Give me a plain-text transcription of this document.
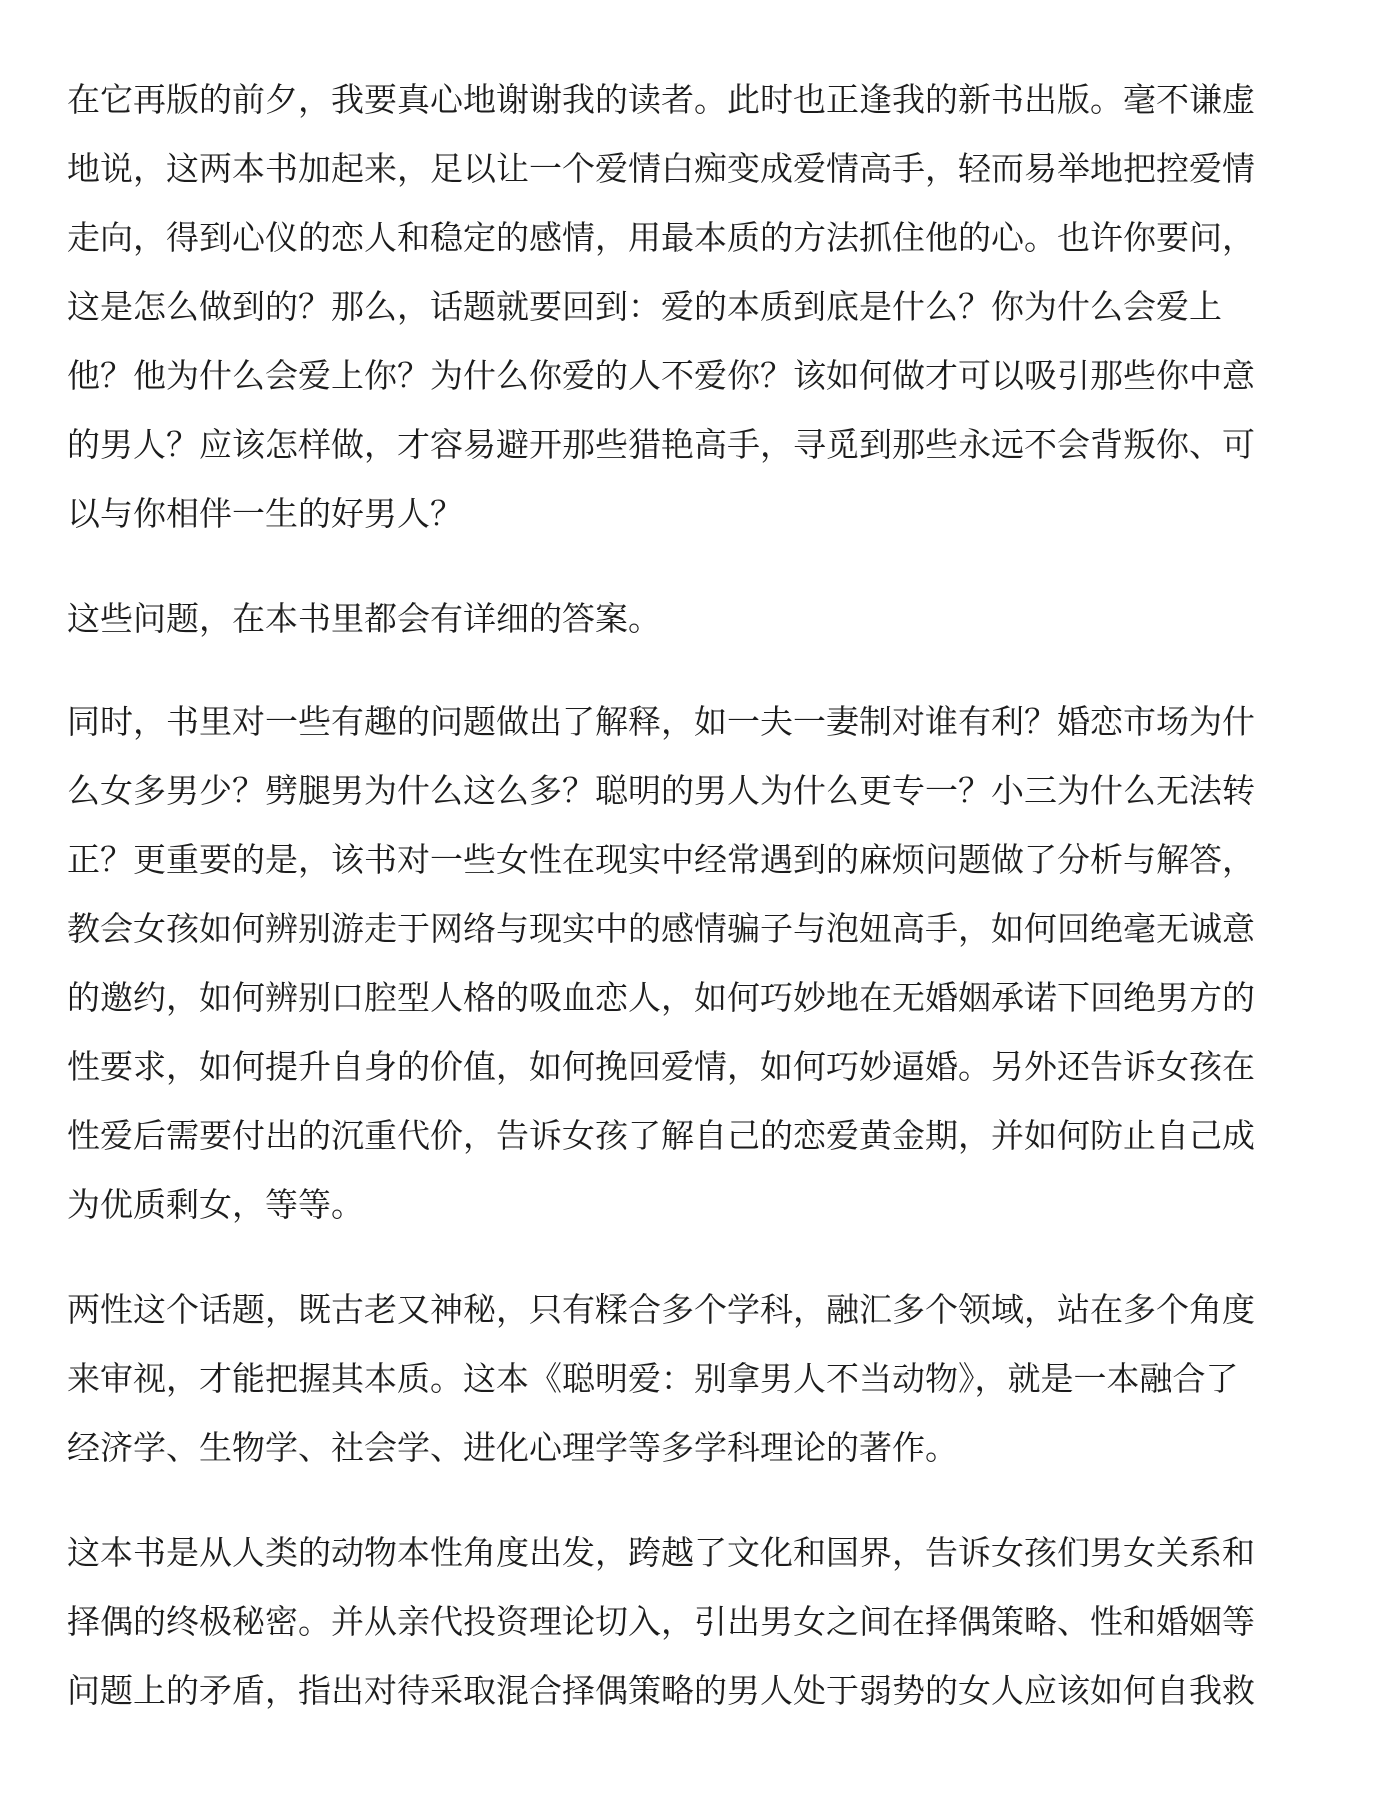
在它再版的前夕，我要真心地谢谢我的读者。此时也正逢我的新书出版。毫不谦虚

地说，这两本书加起来，足以让一个爱情白痴变成爱情高手，轻而易举地把控爱情

走向，得到心仪的恋人和稳定的感情，用最本质的方法抓住他的心。也许你要问，

这是怎么做到的？那么，话题就要回到：爱的本质到底是什么？你为什么会爱上

他？他为什么会爱上你？为什么你爱的人不爱你？该如何做才可以吸引那些你中意

的男人？应该怎样做，才容易避开那些猎艳高手，寻觅到那些永远不会背叛你、可

以与你相伴一生的好男人？

这些问题，在本书里都会有详细的答案。

同时，书里对一些有趣的问题做出了解释，如一夫一妻制对谁有利？婚恋市场为什

么女多男少？劈腿男为什么这么多？聪明的男人为什么更专一？小三为什么无法转

正？更重要的是，该书对一些女性在现实中经常遇到的麻烦问题做了分析与解答，

教会女孩如何辨别游走于网络与现实中的感情骗子与泡妞高手，如何回绝毫无诚意

的邀约，如何辨别口腔型人格的吸血恋人，如何巧妙地在无婚姻承诺下回绝男方的

性要求，如何提升自身的价值，如何挽回爱情，如何巧妙逼婚。另外还告诉女孩在

性爱后需要付出的沉重代价，告诉女孩了解自己的恋爱黄金期，并如何防止自己成

为优质剩女，等等。

两性这个话题，既古老又神秘，只有糅合多个学科，融汇多个领域，站在多个角度

来审视，才能把握其本质。这本《聪明爱：别拿男人不当动物》，就是一本融合了

经济学、生物学、社会学、进化心理学等多学科理论的著作。

这本书是从人类的动物本性角度出发，跨越了文化和国界，告诉女孩们男女关系和

择偶的终极秘密。并从亲代投资理论切入，引出男女之间在择偶策略、性和婚姻等

问题上的矛盾，指出对待采取混合择偶策略的男人处于弱势的女人应该如何自我救
